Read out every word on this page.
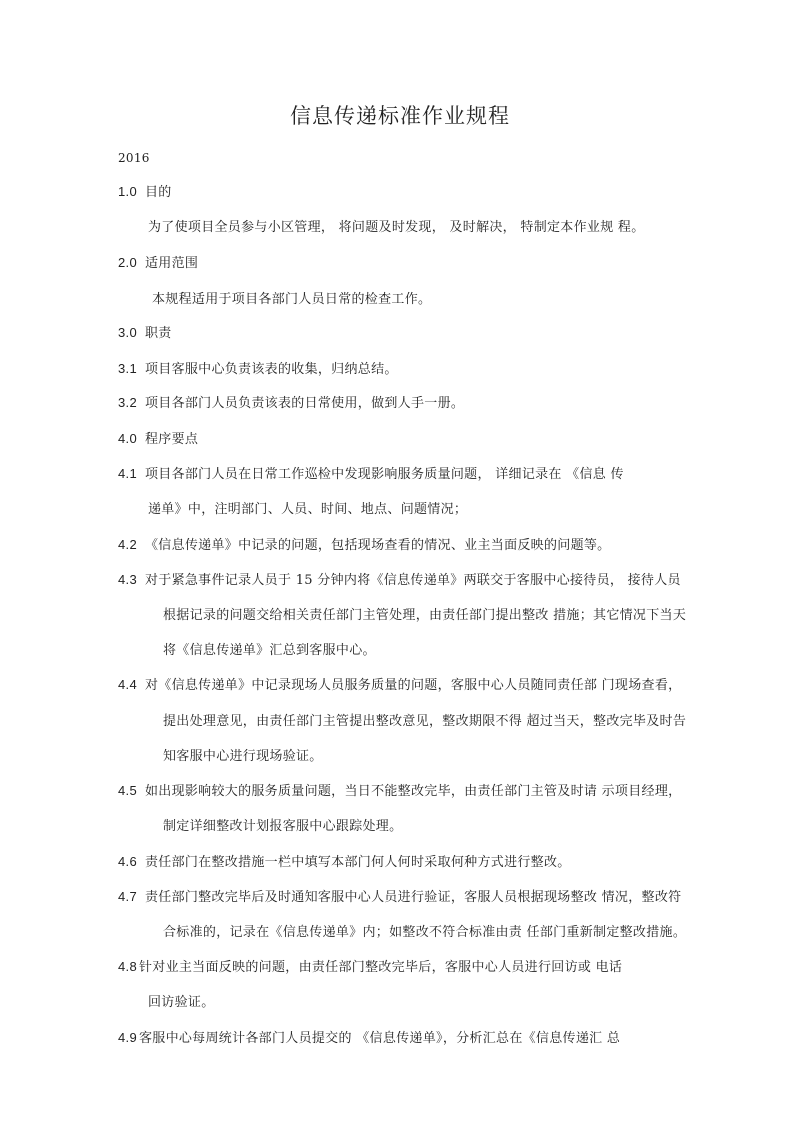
信息传递标准作业规程
2016
1.0 目的
为了使项目全员参与小区管理， 将问题及时发现， 及时解决， 特制定本作业规 程。
2.0 适用范围
本规程适用于项目各部门人员日常的检查工作。
3.0 职责
3.1 项目客服中心负责该表的收集，归纳总结。
3.2 项目各部门人员负责该表的日常使用，做到人手一册。
4.0 程序要点
4.1 项目各部门人员在日常工作巡检中发现影响服务质量问题， 详细记录在 《信息 传
递单》中，注明部门、人员、时间、地点、问题情况；
4.2 《信息传递单》中记录的问题，包括现场查看的情况、业主当面反映的问题等。
4.3 对于紧急事件记录人员于 15 分钟内将《信息传递单》两联交于客服中心接待员， 接待人员
根据记录的问题交给相关责任部门主管处理，由责任部门提出整改 措施；其它情况下当天
将《信息传递单》汇总到客服中心。
4.4 对《信息传递单》中记录现场人员服务质量的问题，客服中心人员随同责任部 门现场查看，
提出处理意见，由责任部门主管提出整改意见，整改期限不得 超过当天，整改完毕及时告
知客服中心进行现场验证。
4.5 如出现影响较大的服务质量问题，当日不能整改完毕，由责任部门主管及时请 示项目经理，
制定详细整改计划报客服中心跟踪处理。
4.6 责任部门在整改措施一栏中填写本部门何人何时采取何种方式进行整改。
4.7 责任部门整改完毕后及时通知客服中心人员进行验证，客服人员根据现场整改 情况，整改符
合标准的，记录在《信息传递单》内；如整改不符合标准由责 任部门重新制定整改措施。
4.8 针对业主当面反映的问题，由责任部门整改完毕后，客服中心人员进行回访或 电话
回访验证。
4.9 客服中心每周统计各部门人员提交的 《信息传递单》，分析汇总在《信息传递汇 总
